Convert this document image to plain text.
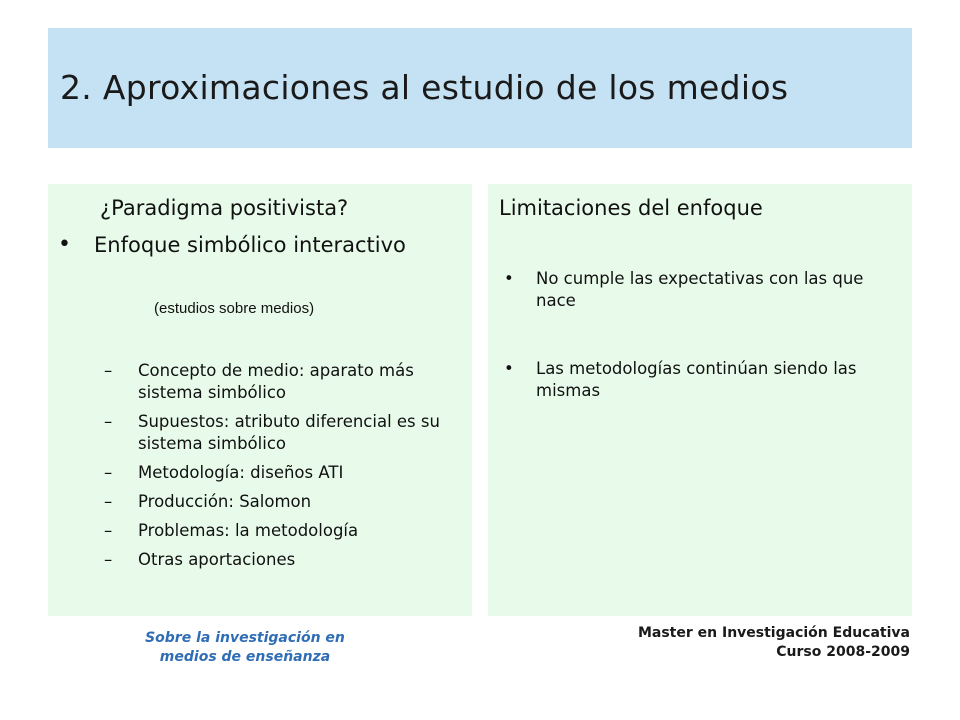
2. Aproximaciones al estudio de los medios
¿Paradigma positivista?
• Enfoque simbólico interactivo
(estudios sobre medios)
– Concepto de medio: aparato más sistema simbólico
– Supuestos: atributo diferencial es su sistema simbólico
– Metodología: diseños ATI
– Producción: Salomon
– Problemas: la metodología
– Otras aportaciones
Limitaciones del enfoque
• No cumple las expectativas con las que nace
• Las metodologías continúan siendo las mismas
Sobre la investigación en
medios de enseñanza
Master en Investigación Educativa
Curso 2008-2009
